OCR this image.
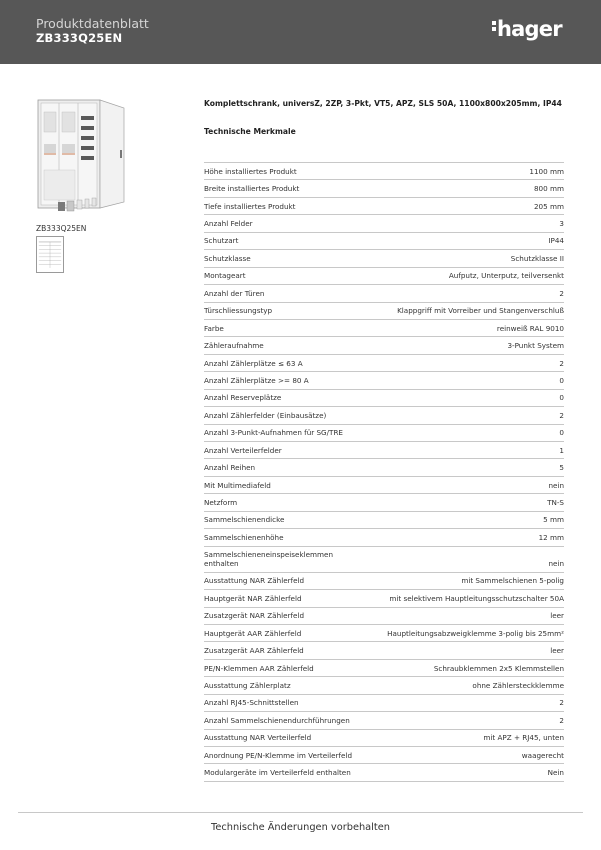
Produktdatenblatt
ZB333Q25EN	hager
ZB333Q25EN
Komplettschrank, universZ, 2ZP, 3-Pkt, VT5, APZ, SLS 50A, 1100x800x205mm, IP44
Technische Merkmale
Höhe installiertes Produkt	1100 mm
Breite installiertes Produkt	800 mm
Tiefe installiertes Produkt	205 mm
Anzahl Felder	3
Schutzart	IP44
Schutzklasse	Schutzklasse II
Montageart	Aufputz, Unterputz, teilversenkt
Anzahl der Türen	2
Türschliessungstyp	Klappgriff mit Vorreiber und Stangenverschluß
Farbe	reinweiß RAL 9010
Zähleraufnahme	3-Punkt System
Anzahl Zählerplätze ≤ 63 A	2
Anzahl Zählerplätze >= 80 A	0
Anzahl Reserveplätze	0
Anzahl Zählerfelder (Einbausätze)	2
Anzahl 3-Punkt-Aufnahmen für SG/TRE	0
Anzahl Verteilerfelder	1
Anzahl Reihen	5
Mit Multimediafeld	nein
Netzform	TN-S
Sammelschienendicke	5 mm
Sammelschienenhöhe	12 mm
Sammelschieneneinspeiseklemmen enthalten	nein
Ausstattung NAR Zählerfeld	mit Sammelschienen 5-polig
Hauptgerät NAR Zählerfeld	mit selektivem Hauptleitungsschutzschalter 50A
Zusatzgerät NAR Zählerfeld	leer
Hauptgerät AAR Zählerfeld	Hauptleitungsabzweigklemme 3-polig bis 25mm²
Zusatzgerät AAR Zählerfeld	leer
PE/N-Klemmen AAR Zählerfeld	Schraubklemmen 2x5 Klemmstellen
Ausstattung Zählerplatz	ohne Zählersteckklemme
Anzahl RJ45-Schnittstellen	2
Anzahl Sammelschienendurchführungen	2
Ausstattung NAR Verteilerfeld	mit APZ + RJ45, unten
Anordnung PE/N-Klemme im Verteilerfeld	waagerecht
Modulargeräte im Verteilerfeld enthalten	Nein
Technische Änderungen vorbehalten
